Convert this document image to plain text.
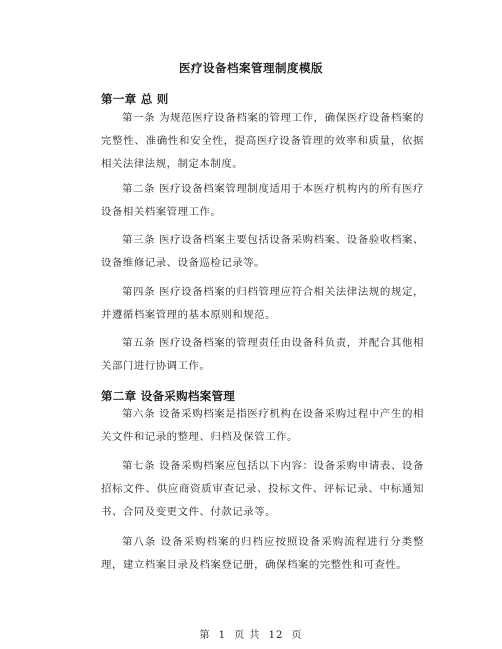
医疗设备档案管理制度模版
第一章 总 则
第一条 为规范医疗设备档案的管理工作，确保医疗设备档案的完整性、准确性和安全性，提高医疗设备管理的效率和质量，依据相关法律法规，制定本制度。
第二条 医疗设备档案管理制度适用于本医疗机构内的所有医疗设备相关档案管理工作。
第三条 医疗设备档案主要包括设备采购档案、设备验收档案、设备维修记录、设备巡检记录等。
第四条 医疗设备档案的归档管理应符合相关法律法规的规定，并遵循档案管理的基本原则和规范。
第五条 医疗设备档案的管理责任由设备科负责，并配合其他相关部门进行协调工作。
第二章 设备采购档案管理
第六条 设备采购档案是指医疗机构在设备采购过程中产生的相关文件和记录的整理、归档及保管工作。
第七条 设备采购档案应包括以下内容：设备采购申请表、设备招标文件、供应商资质审查记录、投标文件、评标记录、中标通知书、合同及变更文件、付款记录等。
第八条 设备采购档案的归档应按照设备采购流程进行分类整理，建立档案目录及档案登记册，确保档案的完整性和可查性。
第 1 页 共 12 页
